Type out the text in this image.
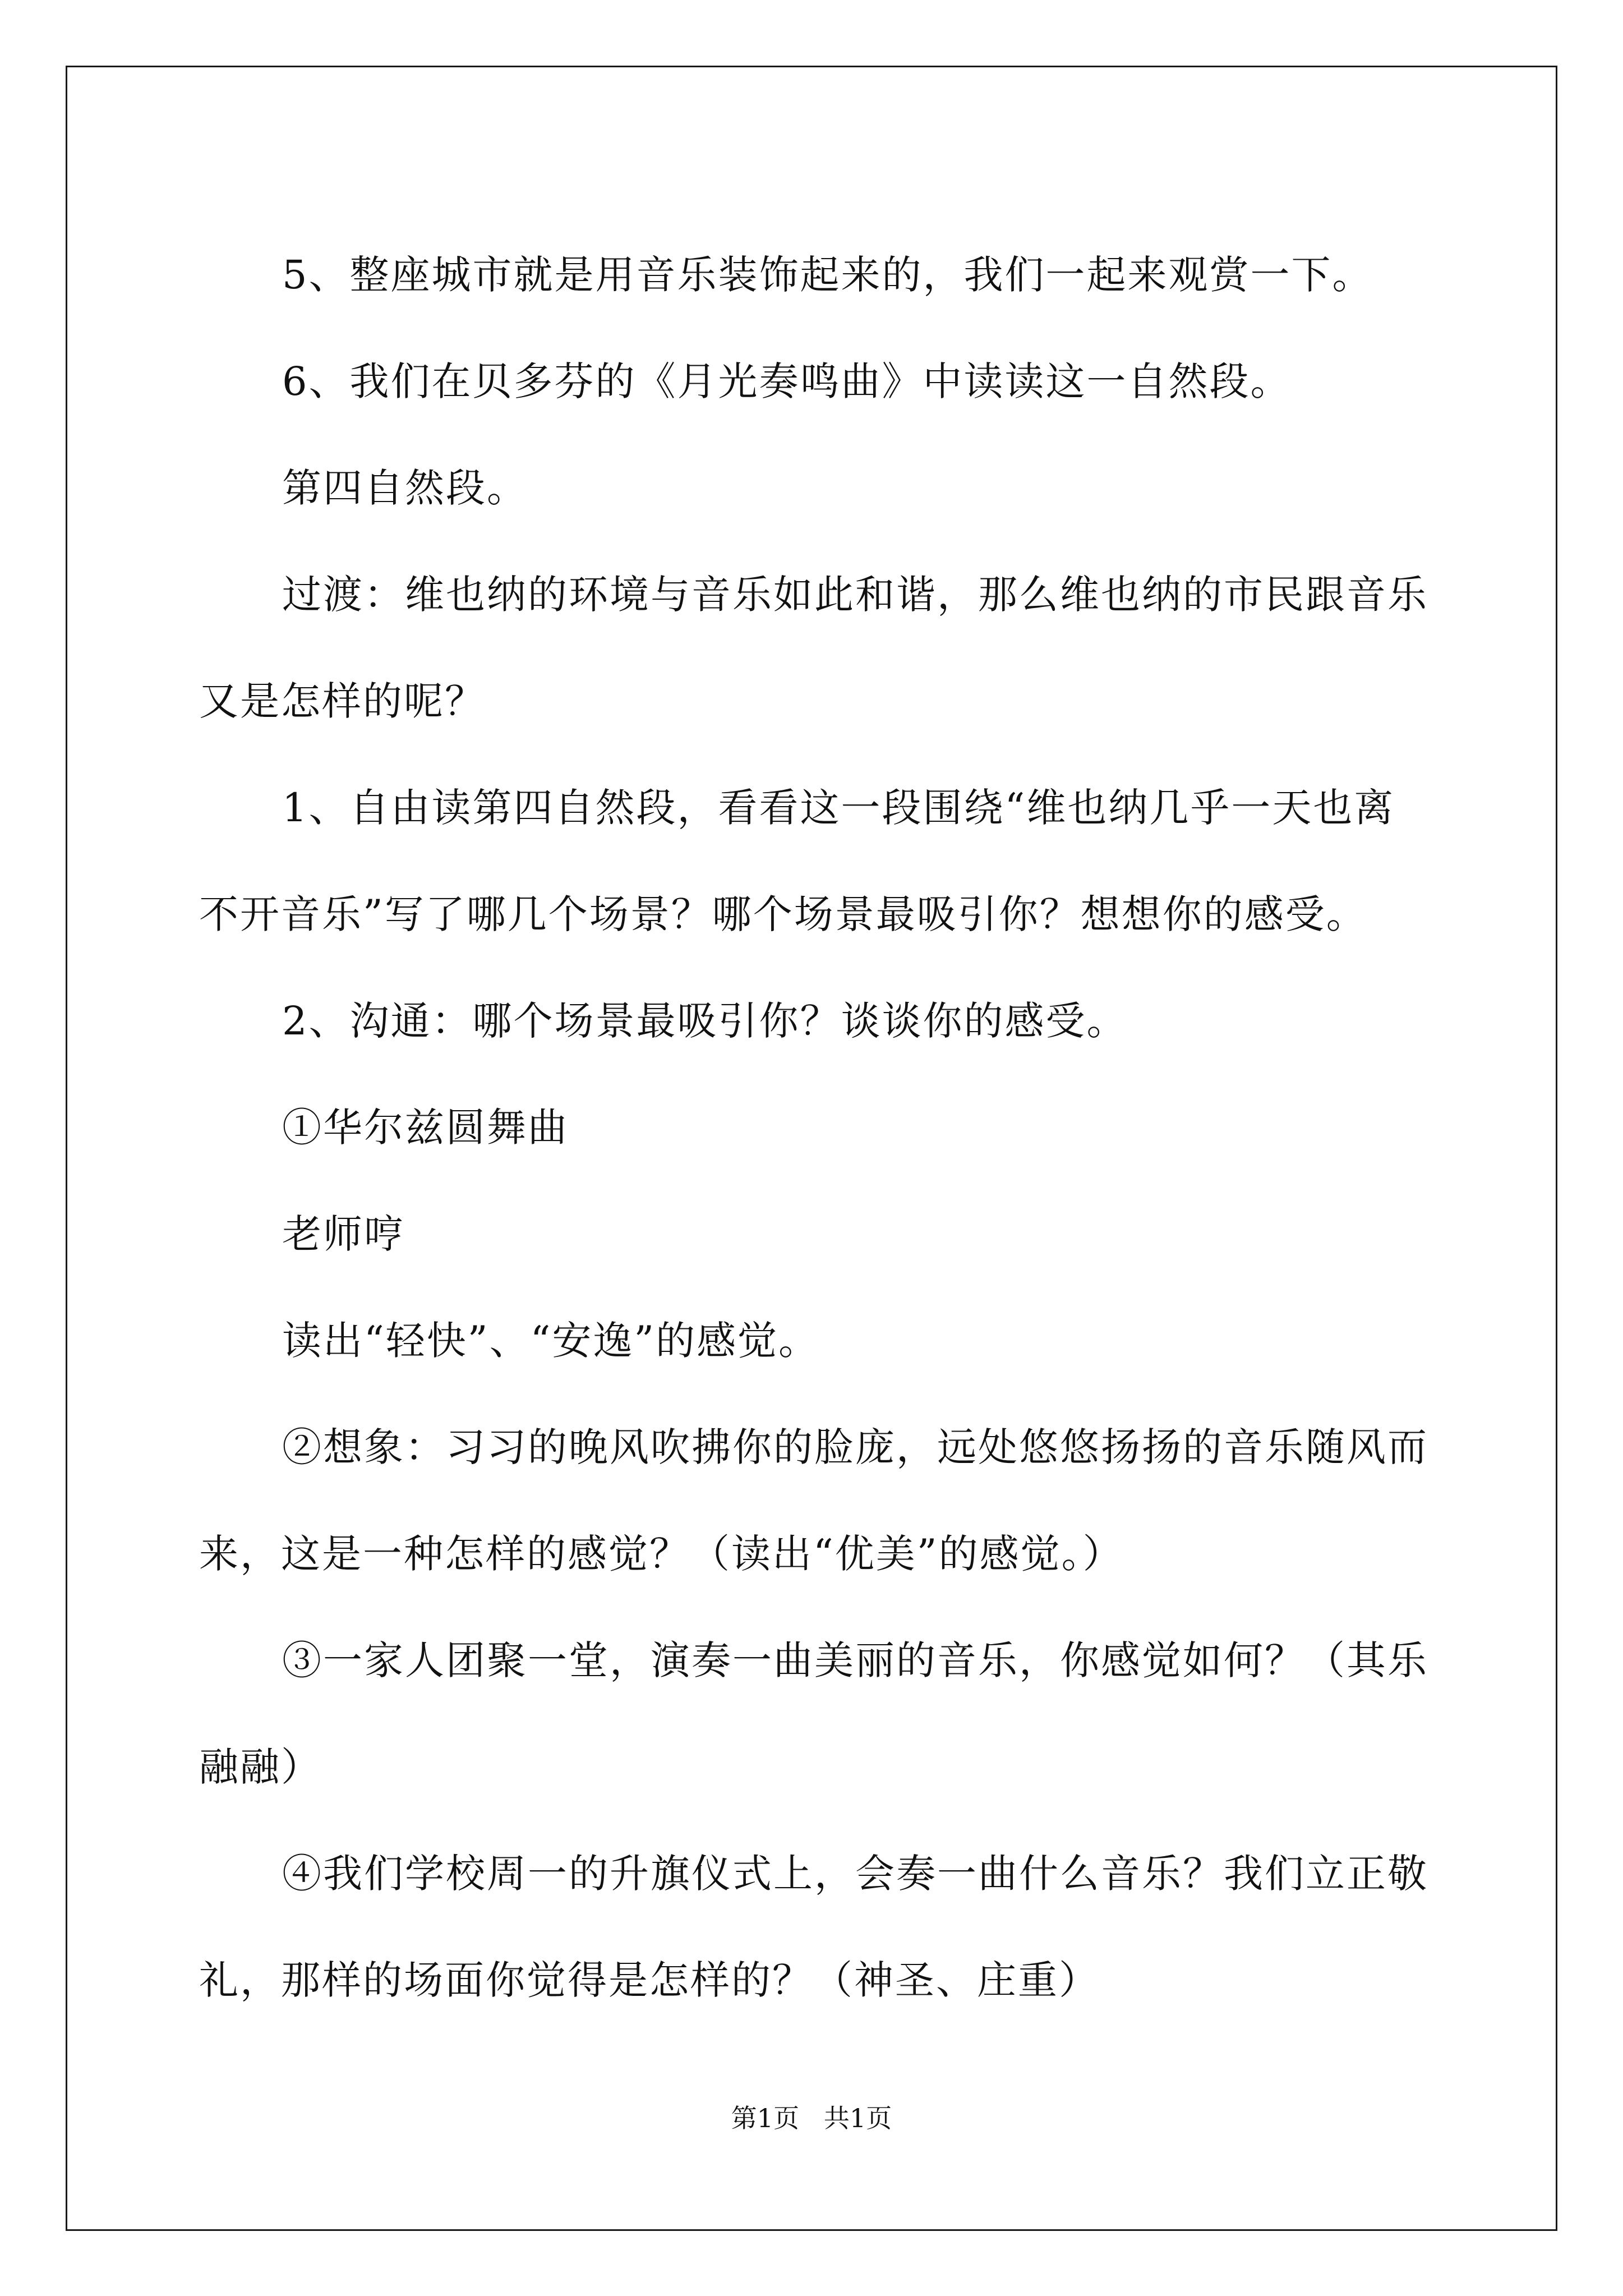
5、整座城市就是用音乐装饰起来的，我们一起来观赏一下。

6、我们在贝多芬的《月光奏鸣曲》中读读这一自然段。

第四自然段。

过渡：维也纳的环境与音乐如此和谐，那么维也纳的市民跟音乐又是怎样的呢？

1、自由读第四自然段，看看这一段围绕“维也纳几乎一天也离不开音乐”写了哪几个场景？哪个场景最吸引你？想想你的感受。

2、沟通：哪个场景最吸引你？谈谈你的感受。

①华尔兹圆舞曲

老师哼

读出“轻快”、“安逸”的感觉。

②想象：习习的晚风吹拂你的脸庞，远处悠悠扬扬的音乐随风而来，这是一种怎样的感觉？（读出“优美”的感觉。）

③一家人团聚一堂，演奏一曲美丽的音乐，你感觉如何？（其乐融融）

④我们学校周一的升旗仪式上，会奏一曲什么音乐？我们立正敬礼，那样的场面你觉得是怎样的？（神圣、庄重）

第1页   共1页
